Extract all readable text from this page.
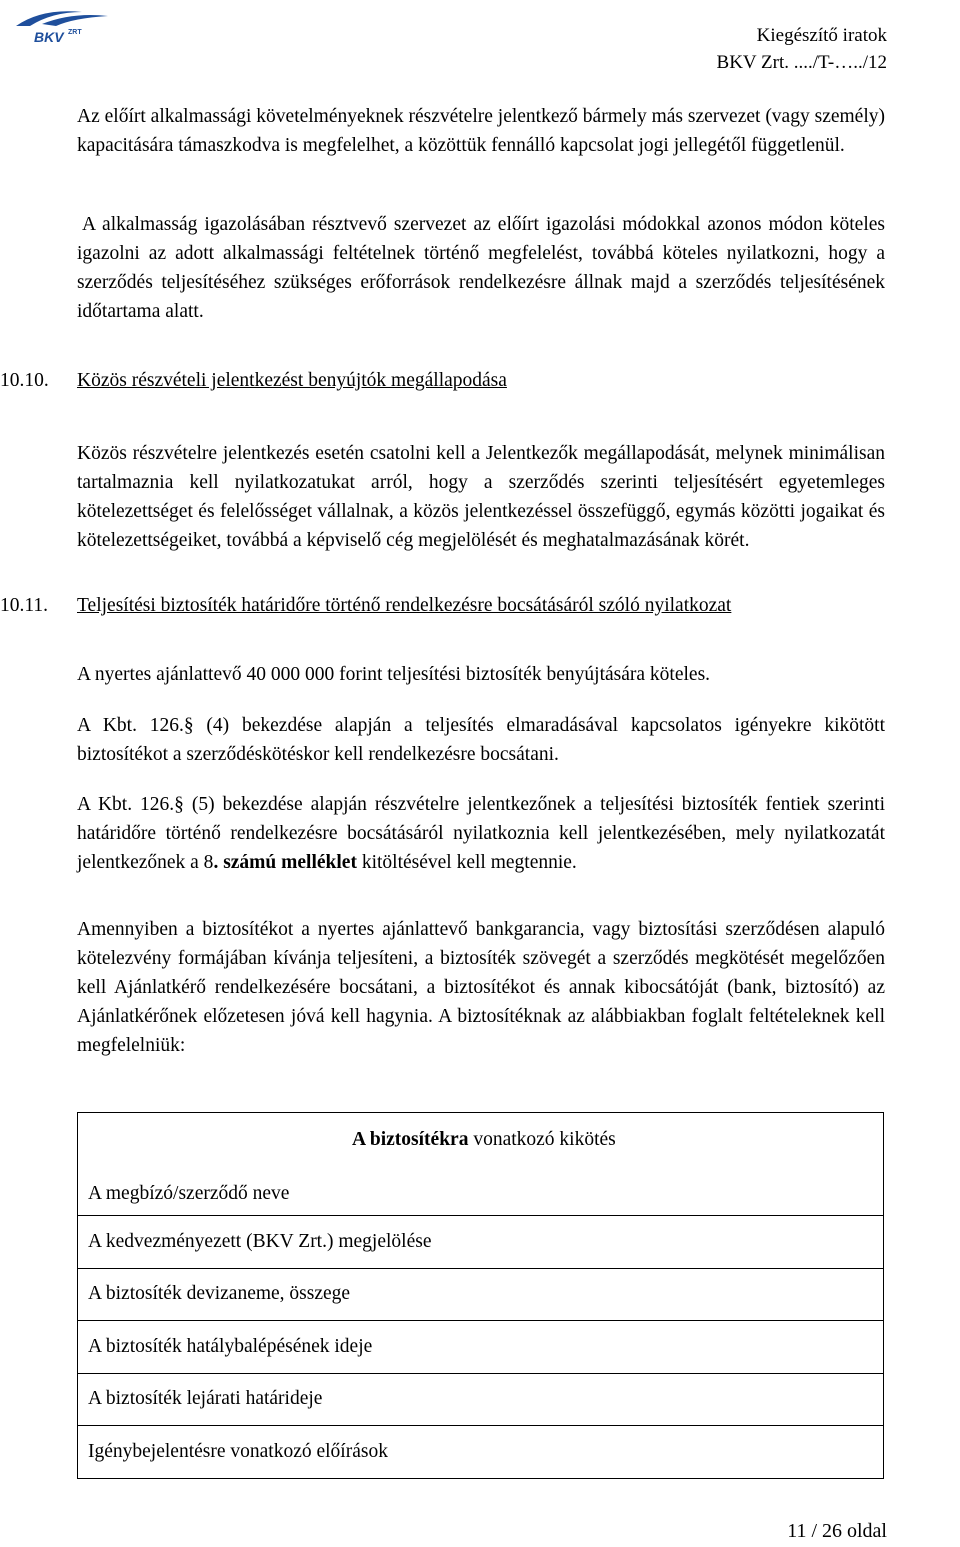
BKV ZRT	Kiegészítő iratok
BKV Zrt. ..../T-…../12

Az előírt alkalmassági követelményeknek részvételre jelentkező bármely más szervezet (vagy személy) kapacitására támaszkodva is megfelelhet, a közöttük fennálló kapcsolat jogi jellegétől függetlenül.

A alkalmasság igazolásában résztvevő szervezet az előírt igazolási módokkal azonos módon köteles igazolni az adott alkalmassági feltételnek történő megfelelést, továbbá köteles nyilatkozni, hogy a szerződés teljesítéséhez szükséges erőforrások rendelkezésre állnak majd a szerződés teljesítésének időtartama alatt.

10.10. Közös részvételi jelentkezést benyújtók megállapodása

Közös részvételre jelentkezés esetén csatolni kell a Jelentkezők megállapodását, melynek minimálisan tartalmaznia kell nyilatkozatukat arról, hogy a szerződés szerinti teljesítésért egyetemleges kötelezettséget és felelősséget vállalnak, a közös jelentkezéssel összefüggő, egymás közötti jogaikat és kötelezettségeiket, továbbá a képviselő cég megjelölését és meghatalmazásának körét.

10.11. Teljesítési biztosíték határidőre történő rendelkezésre bocsátásáról szóló nyilatkozat

A nyertes ajánlattevő 40 000 000 forint teljesítési biztosíték benyújtására köteles.

A Kbt. 126.§ (4) bekezdése alapján a teljesítés elmaradásával kapcsolatos igényekre kikötött biztosítékot a szerződéskötéskor kell rendelkezésre bocsátani.

A Kbt. 126.§ (5) bekezdése alapján részvételre jelentkezőnek a teljesítési biztosíték fentiek szerinti határidőre történő rendelkezésre bocsátásáról nyilatkoznia kell jelentkezésében, mely nyilatkozatát jelentkezőnek a 8. számú melléklet kitöltésével kell megtennie.

Amennyiben a biztosítékot a nyertes ajánlattevő bankgarancia, vagy biztosítási szerződésen alapuló kötelezvény formájában kívánja teljesíteni, a biztosíték szövegét a szerződés megkötését megelőzően kell Ajánlatkérő rendelkezésére bocsátani, a biztosítékot és annak kibocsátóját (bank, biztosító) az Ajánlatkérőnek előzetesen jóvá kell hagynia. A biztosítéknak az alábbiakban foglalt feltételeknek kell megfelelniük:

A biztosítékra vonatkozó kikötés
A megbízó/szerződő neve

A kedvezményezett (BKV Zrt.) megjelölése
A biztosíték devizaneme, összege
A biztosíték hatálybalépésének ideje
A biztosíték lejárati határideje
Igénybejelentésre vonatkozó előírások
11 / 26 oldal
